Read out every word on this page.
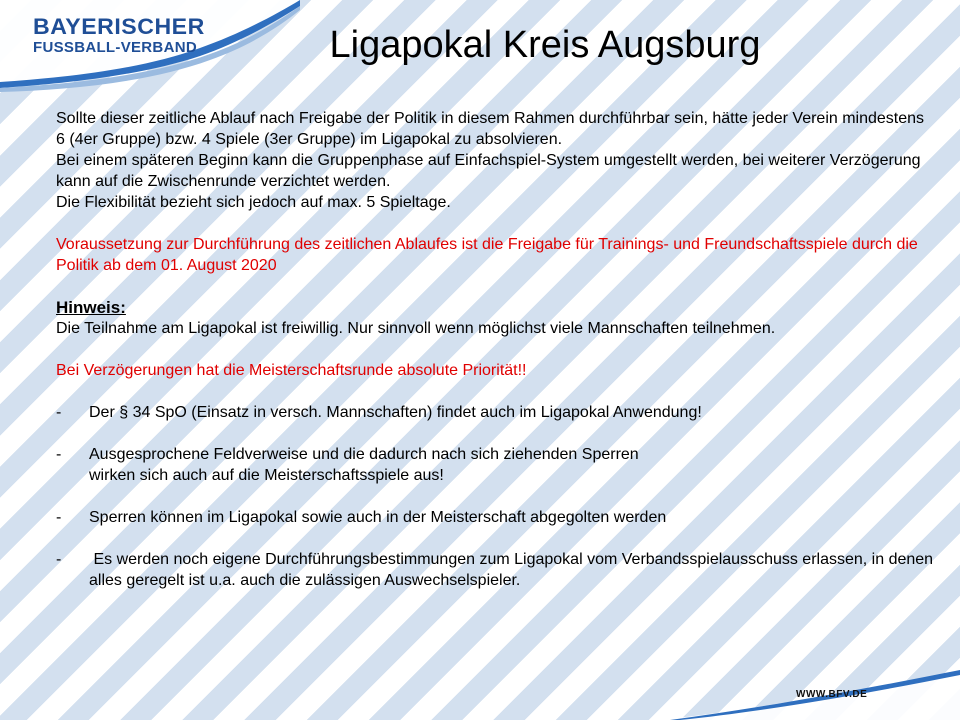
BAYERISCHER
FUSSBALL-VERBAND	Ligapokal Kreis Augsburg

Sollte dieser zeitliche Ablauf nach Freigabe der Politik in diesem Rahmen durchführbar sein, hätte jeder Verein mindestens 6 (4er Gruppe) bzw. 4 Spiele (3er Gruppe) im Ligapokal zu absolvieren.

Bei einem späteren Beginn kann die Gruppenphase auf Einfachspiel-System umgestellt werden, bei weiterer Verzögerung kann auf die Zwischenrunde verzichtet werden.

Die Flexibilität bezieht sich jedoch auf max. 5 Spieltage.

Voraussetzung zur Durchführung des zeitlichen Ablaufes ist die Freigabe für Trainings- und Freundschaftsspiele durch die Politik ab dem 01. August 2020

Hinweis:

Die Teilnahme am Ligapokal ist freiwillig. Nur sinnvoll wenn möglichst viele Mannschaften teilnehmen.

Bei Verzögerungen hat die Meisterschaftsrunde absolute Priorität!!

-	Der § 34 SpO (Einsatz in versch. Mannschaften) findet auch im Ligapokal Anwendung!
-	Ausgesprochene Feldverweise und die dadurch nach sich ziehenden Sperren wirken sich auch auf die Meisterschaftsspiele aus!
-	Sperren können im Ligapokal sowie auch in der Meisterschaft abgegolten werden
-	Es werden noch eigene Durchführungsbestimmungen zum Ligapokal vom Verbandsspielausschuss erlassen, in denen alles geregelt ist u.a. auch die zulässigen Auswechselspieler.
WWW.BFV.DE
